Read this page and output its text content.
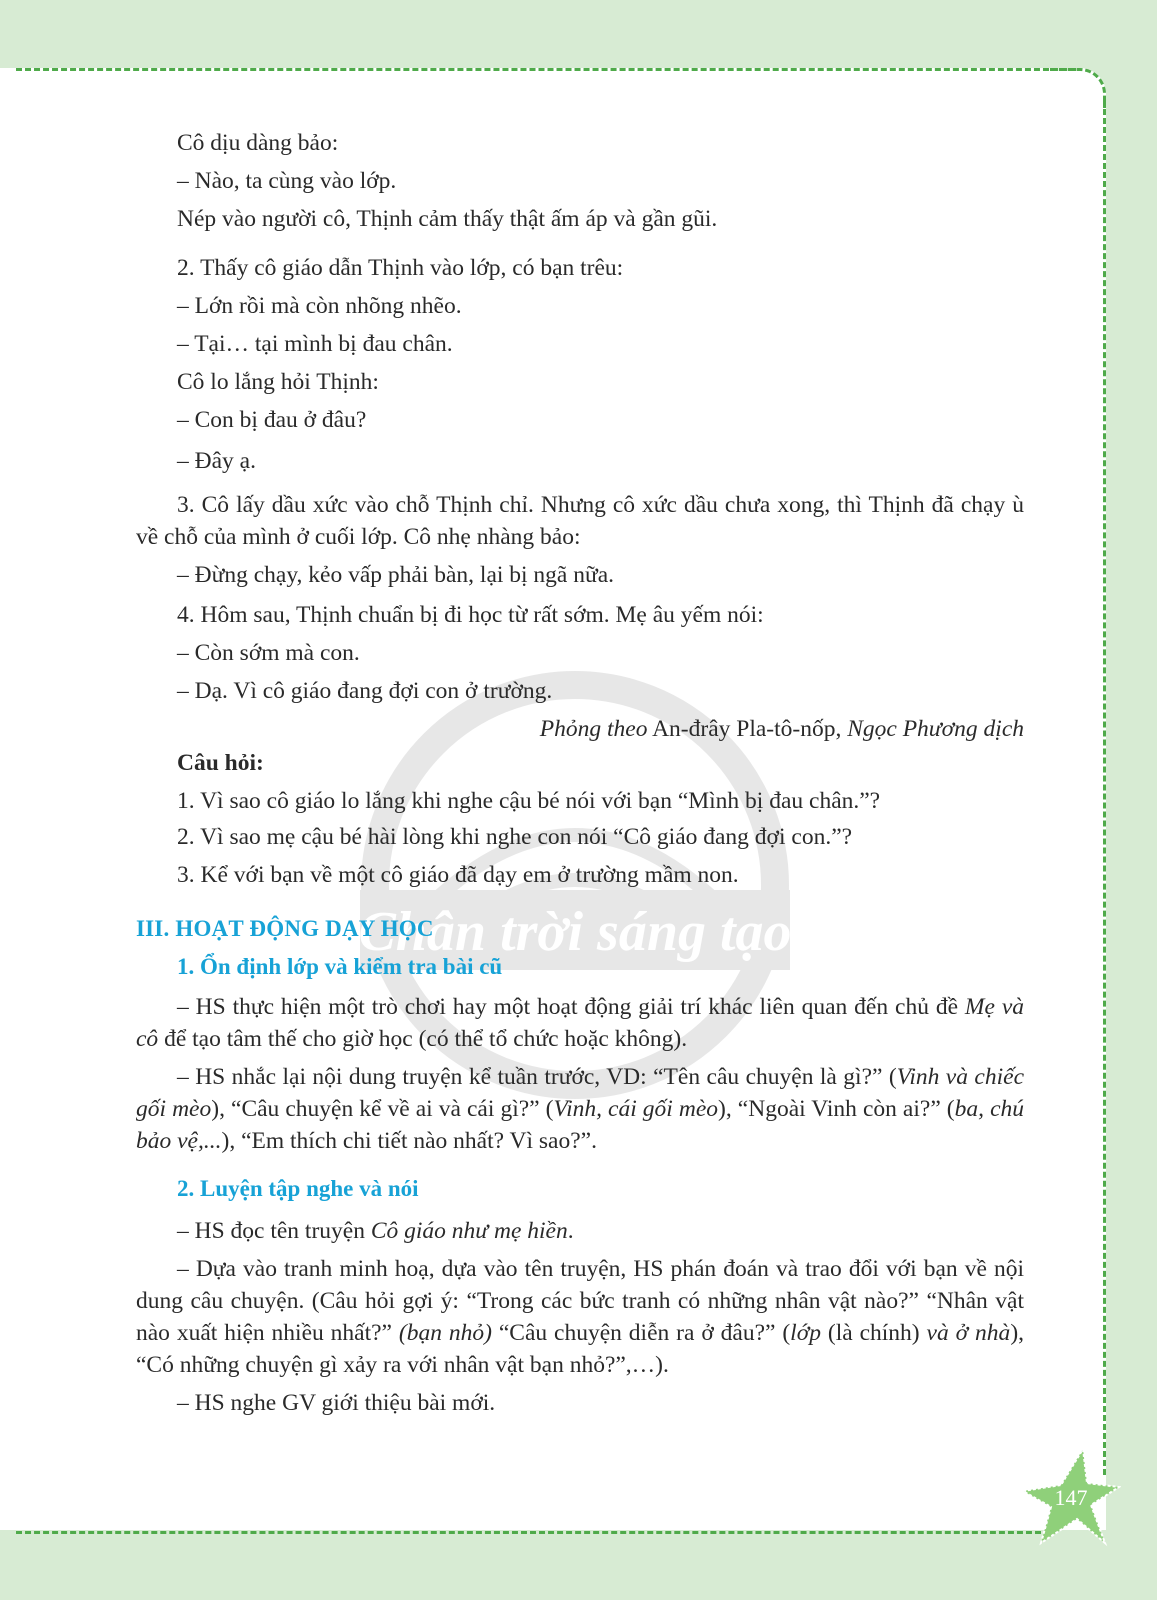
Cô dịu dàng bảo:

– Nào, ta cùng vào lớp.

Nép vào người cô, Thịnh cảm thấy thật ấm áp và gần gũi.

2. Thấy cô giáo dẫn Thịnh vào lớp, có bạn trêu:

– Lớn rồi mà còn nhõng nhẽo.

– Tại… tại mình bị đau chân.

Cô lo lắng hỏi Thịnh:

– Con bị đau ở đâu?

– Đây ạ.

3. Cô lấy dầu xức vào chỗ Thịnh chỉ. Nhưng cô xức dầu chưa xong, thì Thịnh đã chạy ù về chỗ của mình ở cuối lớp. Cô nhẹ nhàng bảo:

– Đừng chạy, kẻo vấp phải bàn, lại bị ngã nữa.

4. Hôm sau, Thịnh chuẩn bị đi học từ rất sớm. Mẹ âu yếm nói:

– Còn sớm mà con.

– Dạ. Vì cô giáo đang đợi con ở trường.

Phỏng theo An-đrây Pla-tô-nốp, Ngọc Phương dịch

Câu hỏi:

1. Vì sao cô giáo lo lắng khi nghe cậu bé nói với bạn “Mình bị đau chân.”?

2. Vì sao mẹ cậu bé hài lòng khi nghe con nói “Cô giáo đang đợi con.”?

3. Kể với bạn về một cô giáo đã dạy em ở trường mầm non.

III. HOẠT ĐỘNG DẠY HỌC

1. Ổn định lớp và kiểm tra bài cũ

– HS thực hiện một trò chơi hay một hoạt động giải trí khác liên quan đến chủ đề Mẹ và cô để tạo tâm thế cho giờ học (có thể tổ chức hoặc không).

– HS nhắc lại nội dung truyện kể tuần trước, VD: “Tên câu chuyện là gì?” (Vinh và chiếc gối mèo), “Câu chuyện kể về ai và cái gì?” (Vinh, cái gối mèo), “Ngoài Vinh còn ai?” (ba, chú bảo vệ,...), “Em thích chi tiết nào nhất? Vì sao?”.

2. Luyện tập nghe và nói

– HS đọc tên truyện Cô giáo như mẹ hiền.

– Dựa vào tranh minh hoạ, dựa vào tên truyện, HS phán đoán và trao đổi với bạn về nội dung câu chuyện. (Câu hỏi gợi ý: “Trong các bức tranh có những nhân vật nào?” “Nhân vật nào xuất hiện nhiều nhất?” (bạn nhỏ) “Câu chuyện diễn ra ở đâu?” (lớp (là chính) và ở nhà), “Có những chuyện gì xảy ra với nhân vật bạn nhỏ?”,…).

– HS nghe GV giới thiệu bài mới.

147
